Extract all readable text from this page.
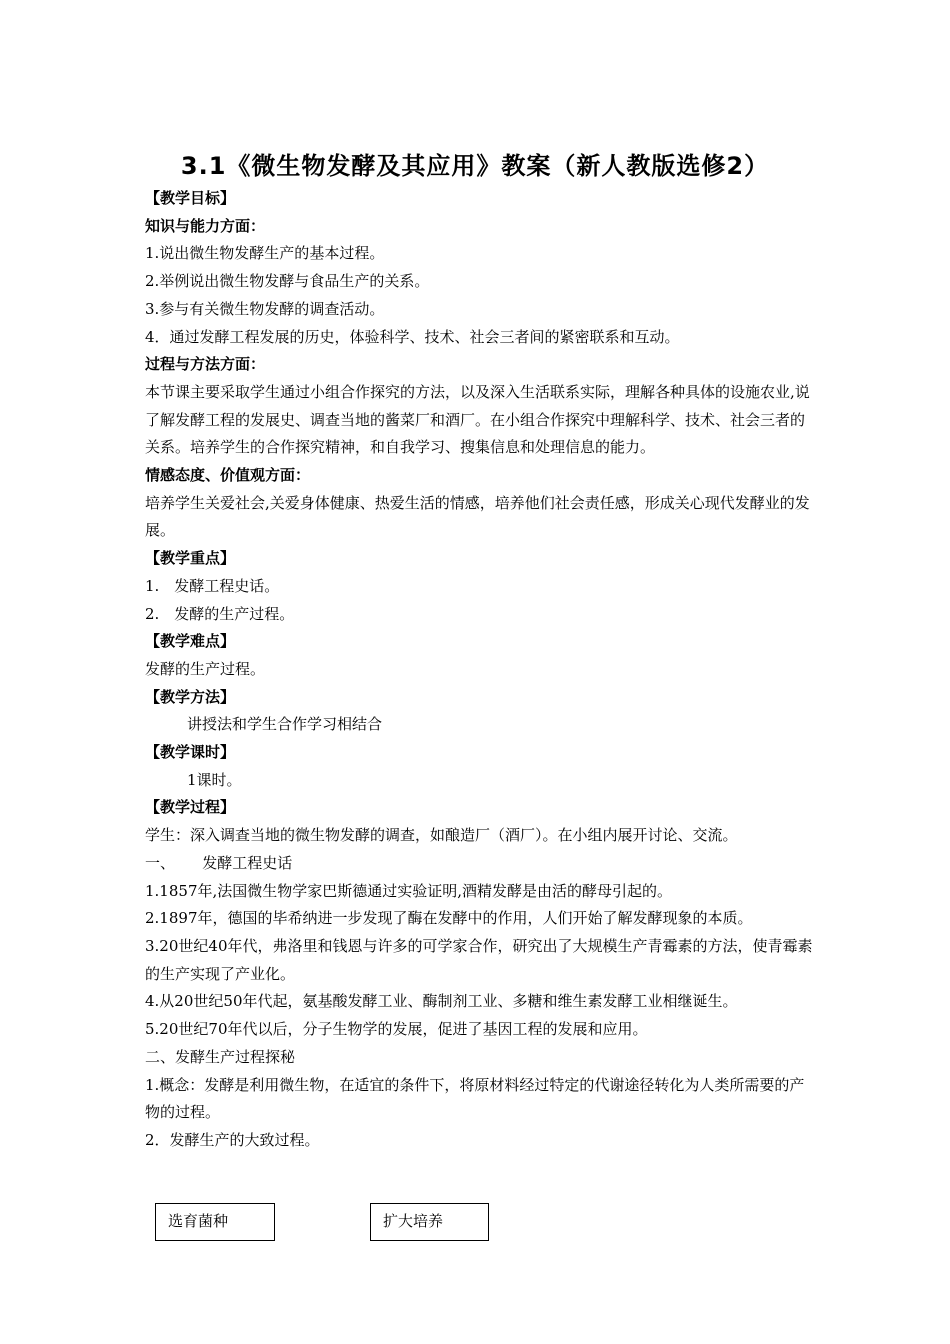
3.1《微生物发酵及其应用》教案（新人教版选修2）

【教学目标】

知识与能力方面：

1.说出微生物发酵生产的基本过程。

2.举例说出微生物发酵与食品生产的关系。

3.参与有关微生物发酵的调查活动。

4．通过发酵工程发展的历史，体验科学、技术、社会三者间的紧密联系和互动。

过程与方法方面：

本节课主要采取学生通过小组合作探究的方法，以及深入生活联系实际，理解各种具体的设施农业,说了解发酵工程的发展史、调查当地的酱菜厂和酒厂。在小组合作探究中理解科学、技术、社会三者的关系。培养学生的合作探究精神，和自我学习、搜集信息和处理信息的能力。

情感态度、价值观方面：

培养学生关爱社会,关爱身体健康、热爱生活的情感，培养他们社会责任感，形成关心现代发酵业的发展。

【教学重点】

1.　发酵工程史话。

2.　发酵的生产过程。

【教学难点】

发酵的生产过程。

【教学方法】

讲授法和学生合作学习相结合

【教学课时】

1课时。

【教学过程】

学生：深入调查当地的微生物发酵的调查，如酿造厂（酒厂）。在小组内展开讨论、交流。

一、　　 发酵工程史话

1.1857年,法国微生物学家巴斯德通过实验证明,酒精发酵是由活的酵母引起的。

2.1897年，德国的毕希纳进一步发现了酶在发酵中的作用，人们开始了解发酵现象的本质。

3.20世纪40年代，弗洛里和钱恩与许多的可学家合作，研究出了大规模生产青霉素的方法，使青霉素的生产实现了产业化。

4.从20世纪50年代起，氨基酸发酵工业、酶制剂工业、多糖和维生素发酵工业相继诞生。

5.20世纪70年代以后，分子生物学的发展，促进了基因工程的发展和应用。

二、发酵生产过程探秘

1.概念：发酵是利用微生物，在适宜的条件下，将原材料经过特定的代谢途径转化为人类所需要的产物的过程。

2．发酵生产的大致过程。

选育菌种	扩大培养
